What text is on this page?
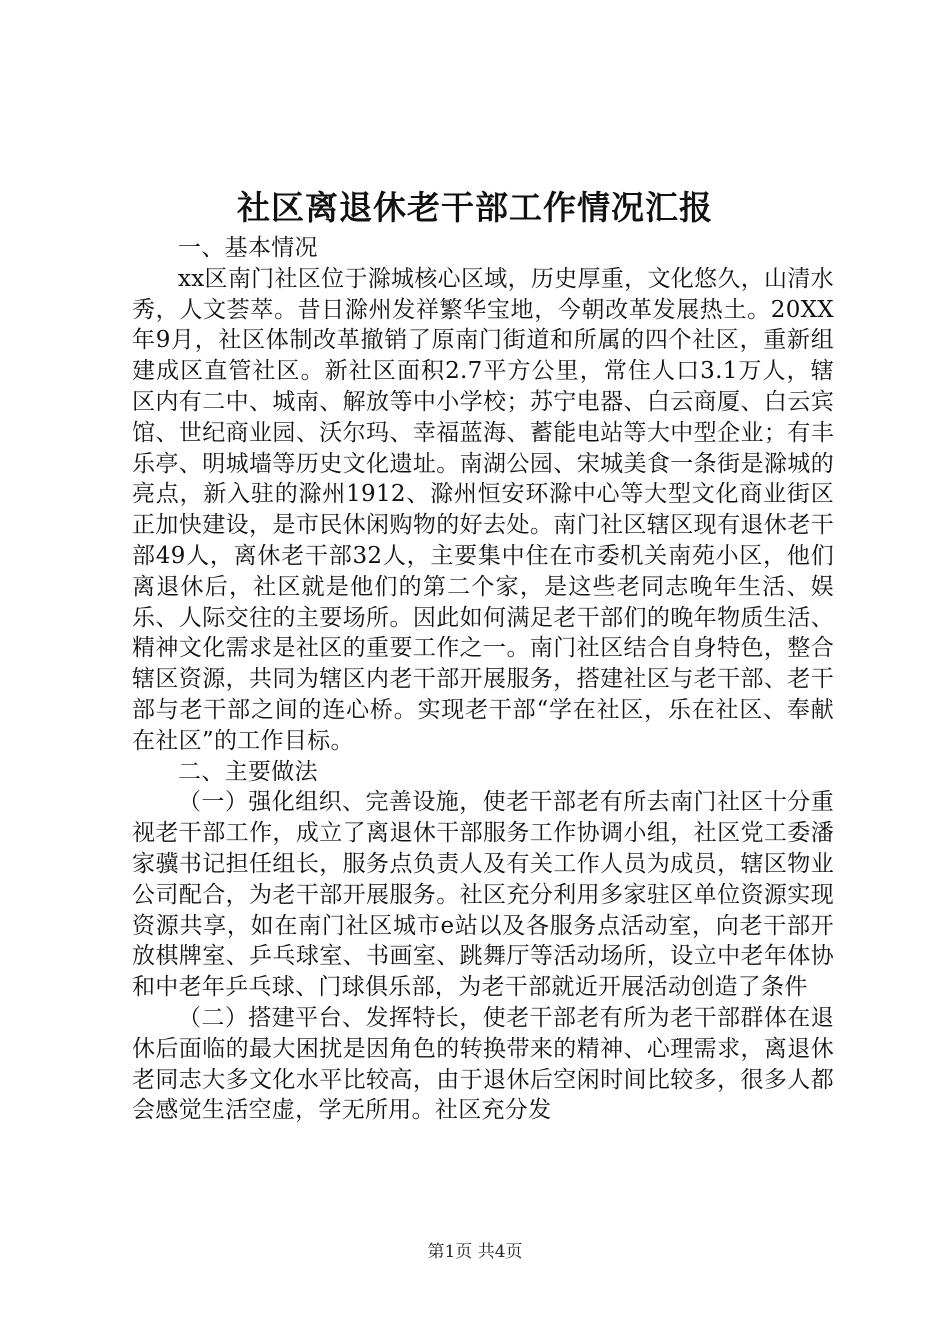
社区离退休老干部工作情况汇报

一、基本情况

xx区南门社区位于滁城核心区域，历史厚重，文化悠久，山清水秀，人文荟萃。昔日滁州发祥繁华宝地，今朝改革发展热土。20XX年9月，社区体制改革撤销了原南门街道和所属的四个社区，重新组建成区直管社区。新社区面积2.7平方公里，常住人口3.1万人，辖区内有二中、城南、解放等中小学校；苏宁电器、白云商厦、白云宾馆、世纪商业园、沃尔玛、幸福蓝海、蓄能电站等大中型企业；有丰乐亭、明城墙等历史文化遗址。南湖公园、宋城美食一条街是滁城的亮点，新入驻的滁州1912、滁州恒安环滁中心等大型文化商业街区正加快建设，是市民休闲购物的好去处。南门社区辖区现有退休老干部49人，离休老干部32人，主要集中住在市委机关南苑小区，他们离退休后，社区就是他们的第二个家，是这些老同志晚年生活、娱乐、人际交往的主要场所。因此如何满足老干部们的晚年物质生活、精神文化需求是社区的重要工作之一。南门社区结合自身特色，整合辖区资源，共同为辖区内老干部开展服务，搭建社区与老干部、老干部与老干部之间的连心桥。实现老干部“学在社区，乐在社区、奉献在社区”的工作目标。

二、主要做法

（一）强化组织、完善设施，使老干部老有所去南门社区十分重视老干部工作，成立了离退休干部服务工作协调小组，社区党工委潘家骥书记担任组长，服务点负责人及有关工作人员为成员，辖区物业公司配合，为老干部开展服务。社区充分利用多家驻区单位资源实现资源共享，如在南门社区城市e站以及各服务点活动室，向老干部开放棋牌室、乒乓球室、书画室、跳舞厅等活动场所，设立中老年体协和中老年乒乓球、门球俱乐部，为老干部就近开展活动创造了条件

（二）搭建平台、发挥特长，使老干部老有所为老干部群体在退休后面临的最大困扰是因角色的转换带来的精神、心理需求，离退休老同志大多文化水平比较高，由于退休后空闲时间比较多，很多人都会感觉生活空虚，学无所用。社区充分发

第1页 共4页
